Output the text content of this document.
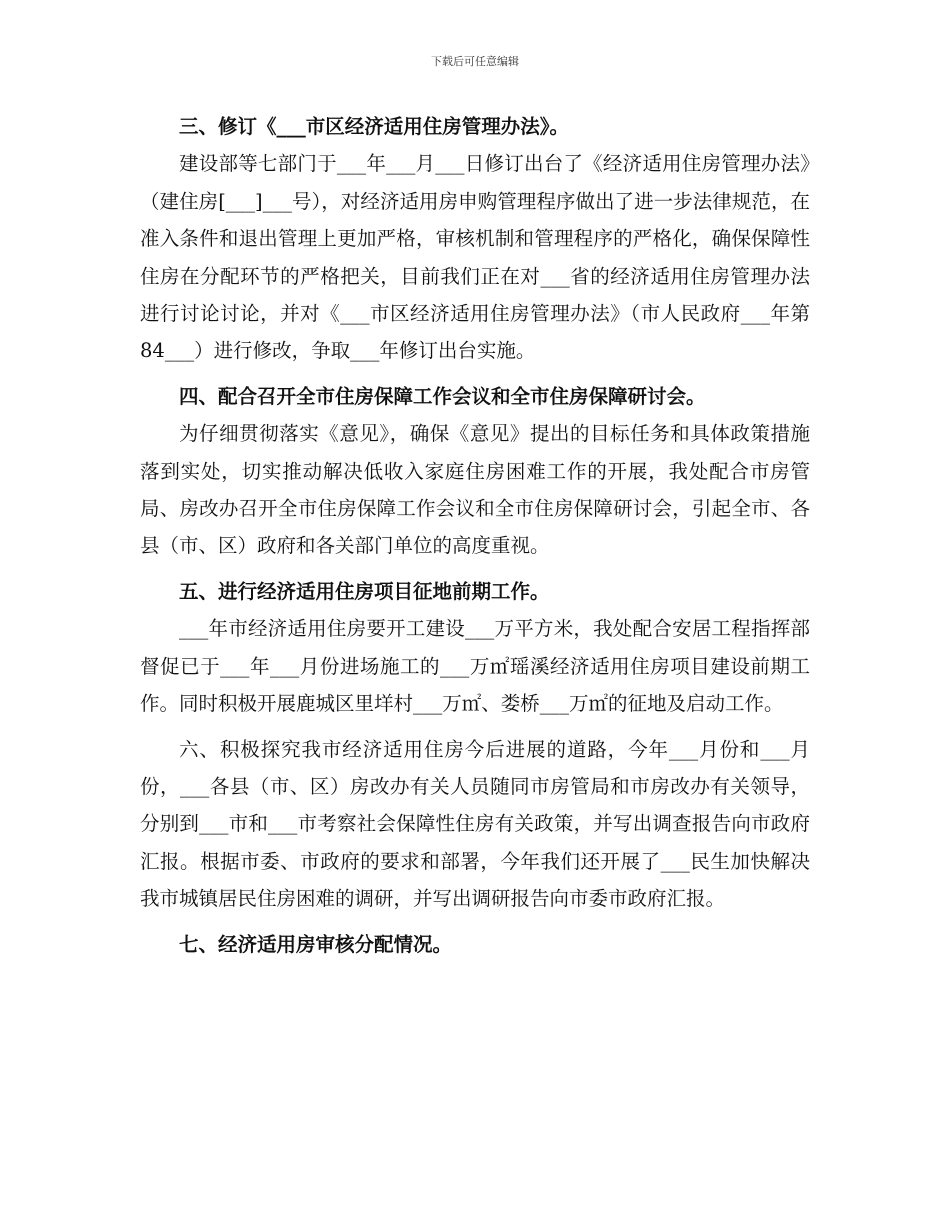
下载后可任意编辑

三、修订《___市区经济适用住房管理办法》。

建设部等七部门于___年___月___日修订出台了《经济适用住房管理办法》（建住房[___]___号），对经济适用房申购管理程序做出了进一步法律规范，在准入条件和退出管理上更加严格，审核机制和管理程序的严格化，确保保障性住房在分配环节的严格把关，目前我们正在对___省的经济适用住房管理办法进行讨论讨论，并对《___市区经济适用住房管理办法》（市人民政府___年第84___）进行修改，争取___年修订出台实施。

四、配合召开全市住房保障工作会议和全市住房保障研讨会。

为仔细贯彻落实《意见》，确保《意见》提出的目标任务和具体政策措施落到实处，切实推动解决低收入家庭住房困难工作的开展，我处配合市房管局、房改办召开全市住房保障工作会议和全市住房保障研讨会，引起全市、各县（市、区）政府和各关部门单位的高度重视。

五、进行经济适用住房项目征地前期工作。

___年市经济适用住房要开工建设___万平方米，我处配合安居工程指挥部督促已于___年___月份进场施工的___万㎡瑶溪经济适用住房项目建设前期工作。同时积极开展鹿城区里垟村___万㎡、娄桥___万㎡的征地及启动工作。

六、积极探究我市经济适用住房今后进展的道路，今年___月份和___月份，___各县（市、区）房改办有关人员随同市房管局和市房改办有关领导，分别到___市和___市考察社会保障性住房有关政策，并写出调查报告向市政府汇报。根据市委、市政府的要求和部署，今年我们还开展了___民生加快解决我市城镇居民住房困难的调研，并写出调研报告向市委市政府汇报。

七、经济适用房审核分配情况。
